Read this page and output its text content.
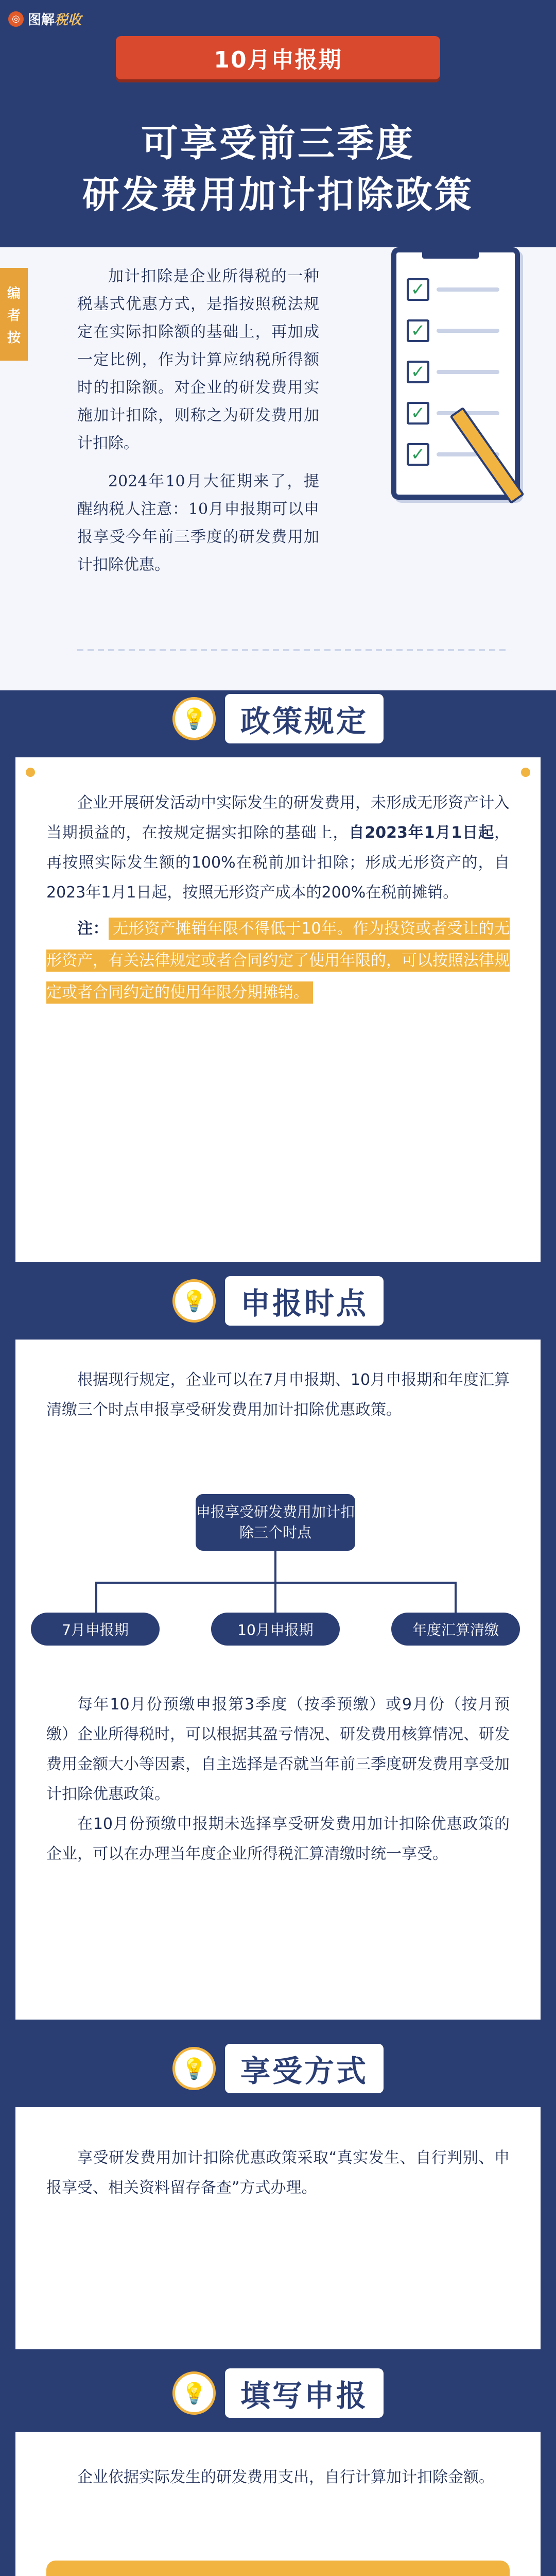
◎ 图解税收
10月申报期
可享受前三季度
研发费用加计扣除政策
编
者
按

加计扣除是企业所得税的一种税基式优惠方式，是指按照税法规定在实际扣除额的基础上，再加成一定比例，作为计算应纳税所得额时的扣除额。对企业的研发费用实施加计扣除，则称之为研发费用加计扣除。

2024年10月大征期来了，提醒纳税人注意：10月申报期可以申报享受今年前三季度的研发费用加计扣除优惠。

✓
✓
✓
✓
✓
💡	政策规定

企业开展研发活动中实际发生的研发费用，未形成无形资产计入当期损益的，在按规定据实扣除的基础上，自2023年1月1日起，再按照实际发生额的100%在税前加计扣除；形成无形资产的，自2023年1月1日起，按照无形资产成本的200%在税前摊销。

注： 无形资产摊销年限不得低于10年。作为投资或者受让的无形资产，有关法律规定或者合同约定了使用年限的，可以按照法律规定或者合同约定的使用年限分期摊销。

💡	申报时点

根据现行规定，企业可以在7月申报期、10月申报期和年度汇算清缴三个时点申报享受研发费用加计扣除优惠政策。

申报享受研发费用加计扣除三个时点
7月申报期	10月申报期	年度汇算清缴

每年10月份预缴申报第3季度（按季预缴）或9月份（按月预缴）企业所得税时，可以根据其盈亏情况、研发费用核算情况、研发费用金额大小等因素，自主选择是否就当年前三季度研发费用享受加计扣除优惠政策。

在10月份预缴申报期未选择享受研发费用加计扣除优惠政策的企业，可以在办理当年度企业所得税汇算清缴时统一享受。

💡	享受方式

享受研发费用加计扣除优惠政策采取“真实发生、自行判别、申报享受、相关资料留存备查”方式办理。

💡	填写申报

企业依据实际发生的研发费用支出，自行计算加计扣除金额。
